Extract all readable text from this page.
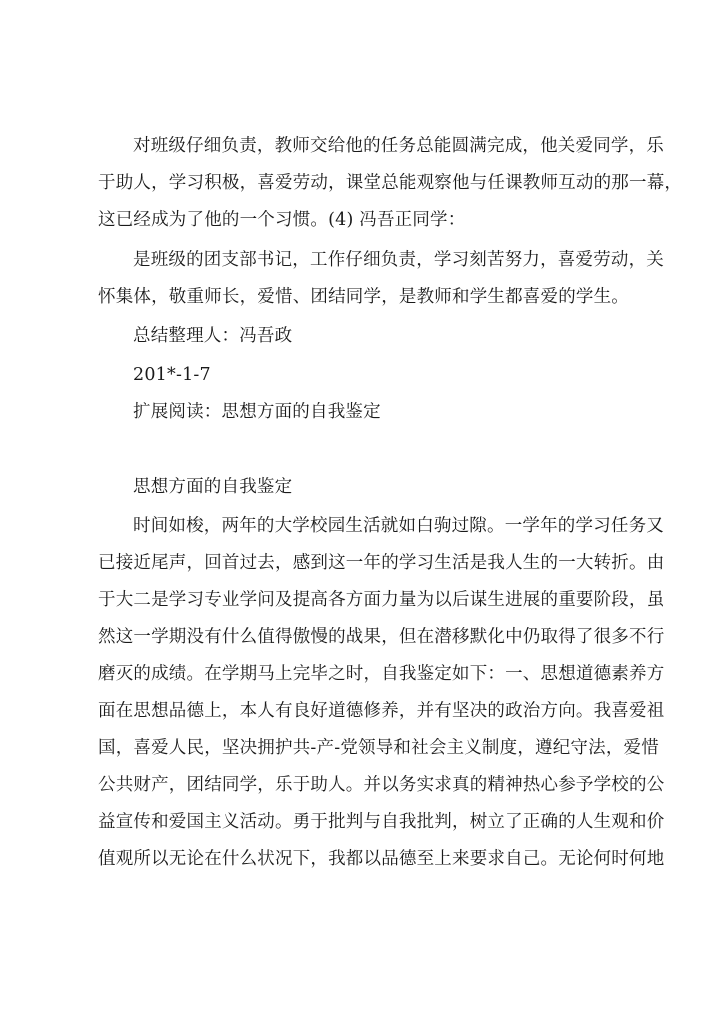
对班级仔细负责，教师交给他的任务总能圆满完成，他关爱同学，乐
于助人，学习积极，喜爱劳动，课堂总能观察他与任课教师互动的那一幕，
这已经成为了他的一个习惯。(4) 冯吾正同学：
是班级的团支部书记，工作仔细负责，学习刻苦努力，喜爱劳动，关
怀集体，敬重师长，爱惜、团结同学，是教师和学生都喜爱的学生。
总结整理人：冯吾政
201*-1-7
扩展阅读：思想方面的自我鉴定
思想方面的自我鉴定
时间如梭，两年的大学校园生活就如白驹过隙。一学年的学习任务又
已接近尾声，回首过去，感到这一年的学习生活是我人生的一大转折。由
于大二是学习专业学问及提高各方面力量为以后谋生进展的重要阶段，虽
然这一学期没有什么值得傲慢的战果，但在潜移默化中仍取得了很多不行
磨灭的成绩。在学期马上完毕之时，自我鉴定如下：一、思想道德素养方
面在思想品德上，本人有良好道德修养，并有坚决的政治方向。我喜爱祖
国，喜爱人民，坚决拥护共-产-党领导和社会主义制度，遵纪守法，爱惜
公共财产，团结同学，乐于助人。并以务实求真的精神热心参予学校的公
益宣传和爱国主义活动。勇于批判与自我批判，树立了正确的人生观和价
值观所以无论在什么状况下，我都以品德至上来要求自己。无论何时何地
